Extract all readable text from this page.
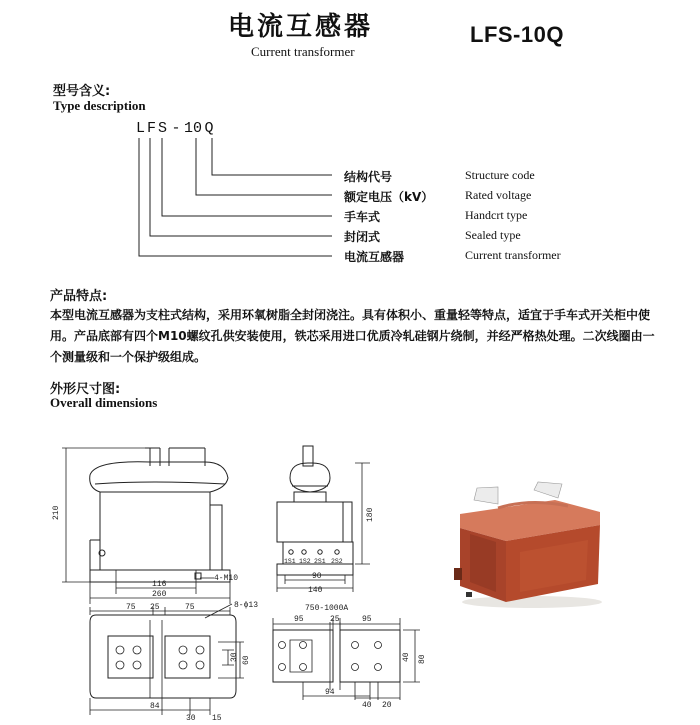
电流互感器
Current transformer
LFS-10Q
型号含义:
Type description
L F S - 10 Q
结构代号	Structure code
额定电压（kV）	Rated voltage
手车式	Handcrt type
封闭式	Sealed type
电流互感器	Current transformer
产品特点:
本型电流互感器为支柱式结构，采用环氧树脂全封闭浇注。具有体积小、重量轻等特点，适宜于手车式开关柜中使用。产品底部有四个M10螺纹孔供安装使用，铁芯采用进口优质冷轧硅钢片绕制，并经严格热处理。二次线圈由一个测量级和一个保护级组成。
外形尺寸图:
Overall dimensions
210
116
260
4-M10
180
90
140
1S1 1S2 2S1 2S2
75 25	75	8-ϕ13
30 60
84
30 15
750-1000A
95	25	95
40 80
94
40 20
